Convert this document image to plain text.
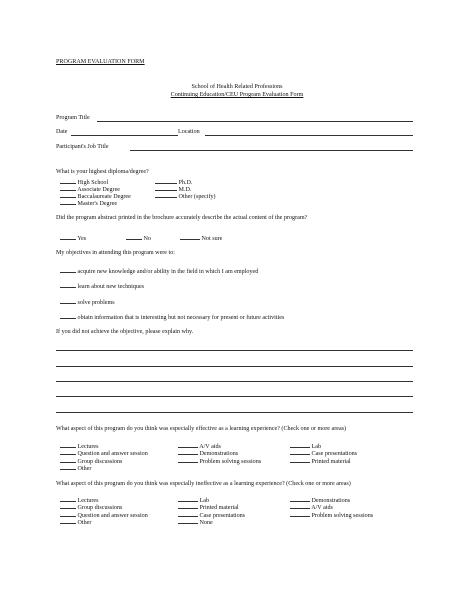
PROGRAM EVALUATION FORM
School of Health Related Professions
Continuing Education/CEU Program Evaluation Form
Program Title
Date	Location
Participant's Job Title
What is your highest diploma/degree?
High School
Associate Degree
Baccalaureate Degree
Master's Degree
Ph.D.
M.D.
Other (specify)
Did the program abstract printed in the brochure accurately describe the actual content of the program?
Yes	No	Not sure
My objectives in attending this program were to:
acquire new knowledge and/or ability in the field in which I am employed
learn about new techniques
solve problems
obtain information that is interesting but not necessary for present or future activities
If you did not achieve the objective, please explain why.
What aspect of this program do you think was especially effective as a learning experience? (Check one or more areas)
Lectures
Question and answer session
Group discussions
Other
A/V aids
Demonstrations
Problem solving sessions
Lab
Case presentations
Printed material
What aspect of this program do you think was especially ineffective as a learning experience? (Check one or more areas)
Lectures
Group discussions
Question and answer session
Other
Lab
Printed material
Case presentations
None
Demonstrations
A/V aids
Problem solving sessions
